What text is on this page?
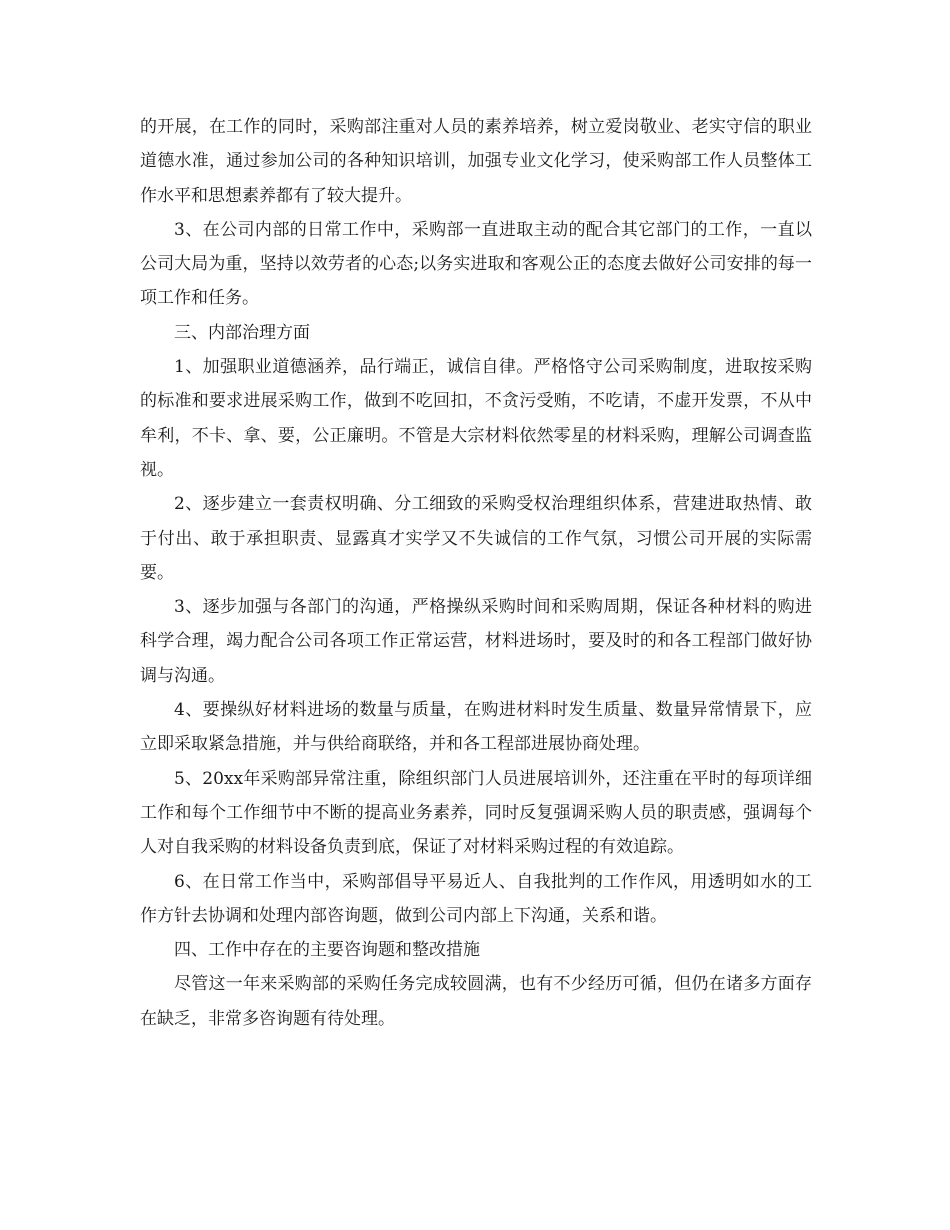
的开展，在工作的同时，采购部注重对人员的素养培养，树立爱岗敬业、老实守信的职业道德水准，通过参加公司的各种知识培训，加强专业文化学习，使采购部工作人员整体工作水平和思想素养都有了较大提升。

3、在公司内部的日常工作中，采购部一直进取主动的配合其它部门的工作，一直以公司大局为重，坚持以效劳者的心态;以务实进取和客观公正的态度去做好公司安排的每一项工作和任务。

三、内部治理方面

1、加强职业道德涵养，品行端正，诚信自律。严格恪守公司采购制度，进取按采购的标准和要求进展采购工作，做到不吃回扣，不贪污受贿，不吃请，不虚开发票，不从中牟利，不卡、拿、要，公正廉明。不管是大宗材料依然零星的材料采购，理解公司调查监视。

2、逐步建立一套责权明确、分工细致的采购受权治理组织体系，营建进取热情、敢于付出、敢于承担职责、显露真才实学又不失诚信的工作气氛，习惯公司开展的实际需要。

3、逐步加强与各部门的沟通，严格操纵采购时间和采购周期，保证各种材料的购进科学合理，竭力配合公司各项工作正常运营，材料进场时，要及时的和各工程部门做好协调与沟通。

4、要操纵好材料进场的数量与质量，在购进材料时发生质量、数量异常情景下，应立即采取紧急措施，并与供给商联络，并和各工程部进展协商处理。

5、20xx年采购部异常注重，除组织部门人员进展培训外，还注重在平时的每项详细工作和每个工作细节中不断的提高业务素养，同时反复强调采购人员的职责感，强调每个人对自我采购的材料设备负责到底，保证了对材料采购过程的有效追踪。

6、在日常工作当中，采购部倡导平易近人、自我批判的工作作风，用透明如水的工作方针去协调和处理内部咨询题，做到公司内部上下沟通，关系和谐。

四、工作中存在的主要咨询题和整改措施

尽管这一年来采购部的采购任务完成较圆满，也有不少经历可循，但仍在诸多方面存在缺乏，非常多咨询题有待处理。
